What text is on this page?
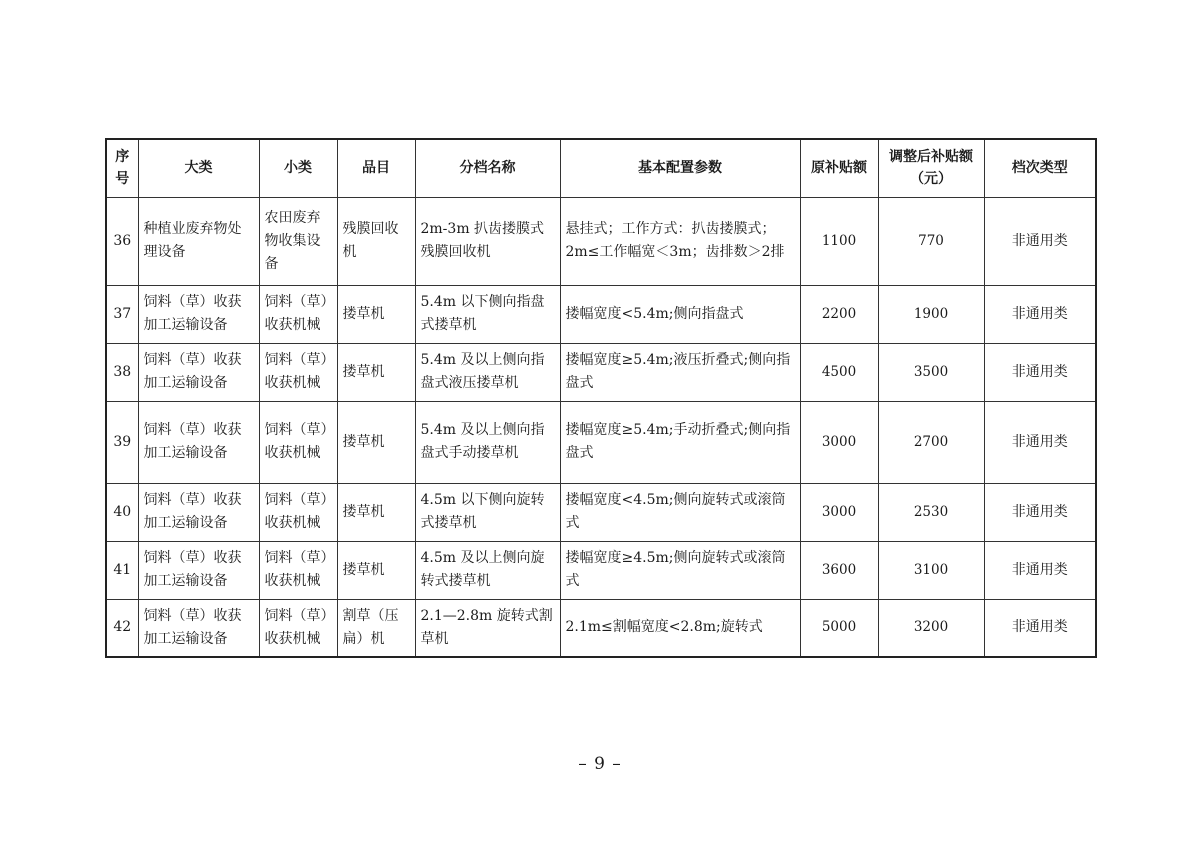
序号	大类	小类	品目	分档名称	基本配置参数	原补贴额	调整后补贴额（元）	档次类型
36	种植业废弃物处理设备	农田废弃物收集设备	残膜回收机	2m-3m 扒齿搂膜式残膜回收机	悬挂式；工作方式：扒齿搂膜式；2m≤工作幅宽＜3m；齿排数＞2排	1100	770	非通用类
37	饲料（草）收获加工运输设备	饲料（草）收获机械	搂草机	5.4m 以下侧向指盘式搂草机	搂幅宽度<5.4m;侧向指盘式	2200	1900	非通用类
38	饲料（草）收获加工运输设备	饲料（草）收获机械	搂草机	5.4m 及以上侧向指盘式液压搂草机	搂幅宽度≥5.4m;液压折叠式;侧向指盘式	4500	3500	非通用类
39	饲料（草）收获加工运输设备	饲料（草）收获机械	搂草机	5.4m 及以上侧向指盘式手动搂草机	搂幅宽度≥5.4m;手动折叠式;侧向指盘式	3000	2700	非通用类
40	饲料（草）收获加工运输设备	饲料（草）收获机械	搂草机	4.5m 以下侧向旋转式搂草机	搂幅宽度<4.5m;侧向旋转式或滚筒式	3000	2530	非通用类
41	饲料（草）收获加工运输设备	饲料（草）收获机械	搂草机	4.5m 及以上侧向旋转式搂草机	搂幅宽度≥4.5m;侧向旋转式或滚筒式	3600	3100	非通用类
42	饲料（草）收获加工运输设备	饲料（草）收获机械	割草（压扁）机	2.1—2.8m 旋转式割草机	2.1m≤割幅宽度<2.8m;旋转式	5000	3200	非通用类
– 9 –
